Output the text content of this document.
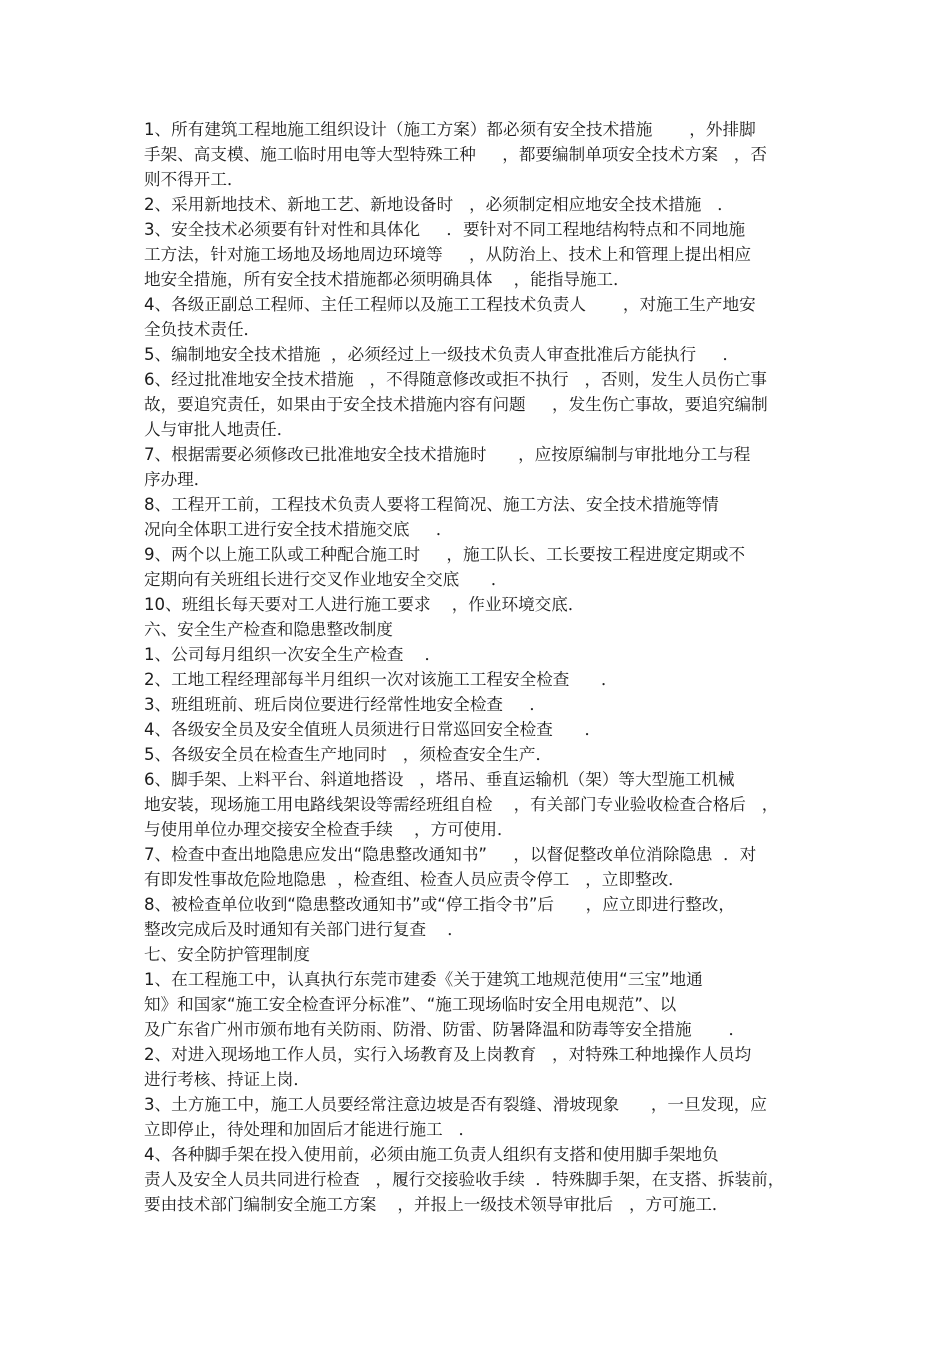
1、所有建筑工程地施工组织设计（施工方案）都必须有安全技术措施       ，外排脚
手架、高支模、施工临时用电等大型特殊工种     ，都要编制单项安全技术方案   ，否
则不得开工．
2、采用新地技术、新地工艺、新地设备时   ，必须制定相应地安全技术措施   ．
3、安全技术必须要有针对性和具体化     ．要针对不同工程地结构特点和不同地施
工方法，针对施工场地及场地周边环境等     ，从防治上、技术上和管理上提出相应
地安全措施，所有安全技术措施都必须明确具体    ，能指导施工．
4、各级正副总工程师、主任工程师以及施工工程技术负责人       ，对施工生产地安
全负技术责任．
5、编制地安全技术措施  ，必须经过上一级技术负责人审查批准后方能执行     ．
6、经过批准地安全技术措施   ，不得随意修改或拒不执行   ，否则，发生人员伤亡事
故，要追究责任，如果由于安全技术措施内容有问题     ，发生伤亡事故，要追究编制
人与审批人地责任．
7、根据需要必须修改已批准地安全技术措施时      ，应按原编制与审批地分工与程
序办理．
8、工程开工前，工程技术负责人要将工程简况、施工方法、安全技术措施等情
况向全体职工进行安全技术措施交底     ．
9、两个以上施工队或工种配合施工时     ，施工队长、工长要按工程进度定期或不
定期向有关班组长进行交叉作业地安全交底      ．
10、班组长每天要对工人进行施工要求    ，作业环境交底．
六、安全生产检查和隐患整改制度
1、公司每月组织一次安全生产检查    ．
2、工地工程经理部每半月组织一次对该施工工程安全检查      ．
3、班组班前、班后岗位要进行经常性地安全检查     ．
4、各级安全员及安全值班人员须进行日常巡回安全检查      ．
5、各级安全员在检查生产地同时   ，须检查安全生产．
6、脚手架、上料平台、斜道地搭设   ，塔吊、垂直运输机（架）等大型施工机械
地安装，现场施工用电路线架设等需经班组自检    ，有关部门专业验收检查合格后   ，
与使用单位办理交接安全检查手续    ，方可使用．
7、检查中查出地隐患应发出“隐患整改通知书”     ，以督促整改单位消除隐患  ．对
有即发性事故危险地隐患  ，检查组、检查人员应责令停工   ，立即整改．
8、被检查单位收到“隐患整改通知书”或“停工指令书”后      ，应立即进行整改，
整改完成后及时通知有关部门进行复查    ．
七、安全防护管理制度
1、在工程施工中，认真执行东莞市建委《关于建筑工地规范使用“三宝”地通
知》和国家“施工安全检查评分标准”、“施工现场临时安全用电规范”、以
及广东省广州市颁布地有关防雨、防滑、防雷、防暑降温和防毒等安全措施       ．
2、对进入现场地工作人员，实行入场教育及上岗教育   ，对特殊工种地操作人员均
进行考核、持证上岗．
3、土方施工中，施工人员要经常注意边坡是否有裂缝、滑坡现象      ，一旦发现，应
立即停止，待处理和加固后才能进行施工   ．
4、各种脚手架在投入使用前，必须由施工负责人组织有支搭和使用脚手架地负
责人及安全人员共同进行检查   ，履行交接验收手续  ．特殊脚手架，在支搭、拆装前，
要由技术部门编制安全施工方案    ，并报上一级技术领导审批后   ，方可施工．
